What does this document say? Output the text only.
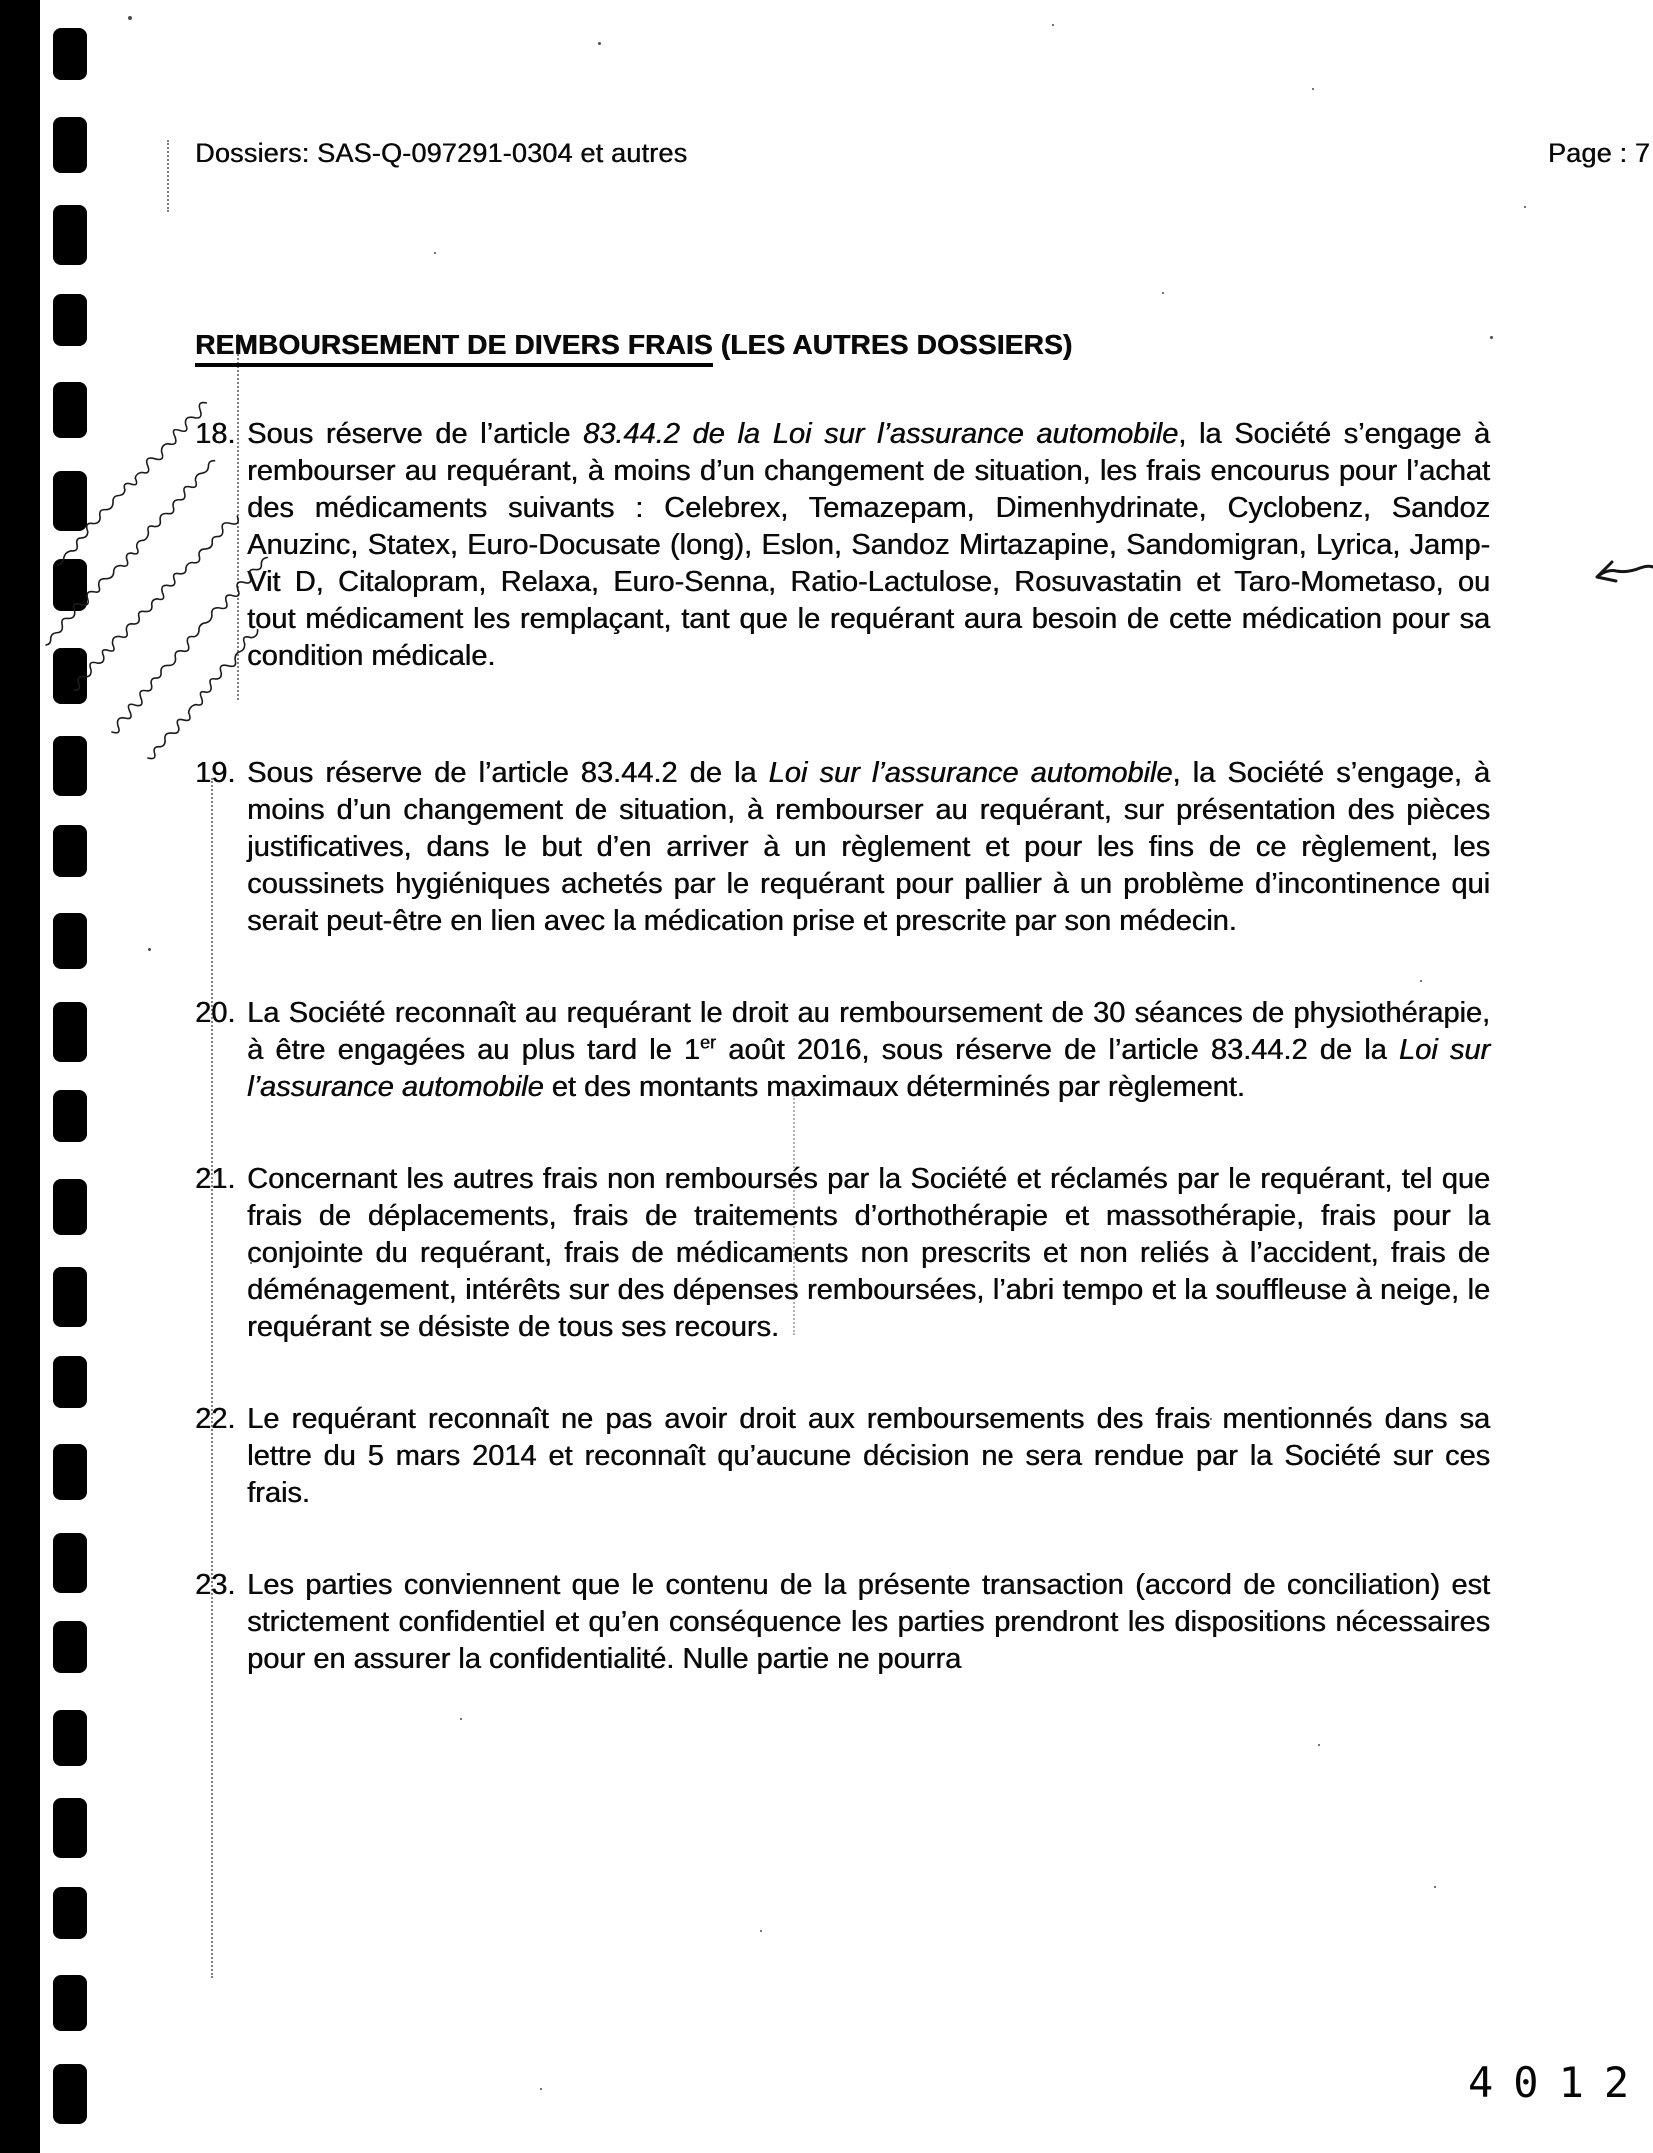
Dossiers: SAS-Q-097291-0304 et autres	Page : 7
REMBOURSEMENT DE DIVERS FRAIS (LES AUTRES DOSSIERS)
18. Sous réserve de l’article 83.44.2 de la Loi sur l’assurance automobile, la Société s’engage à rembourser au requérant, à moins d’un changement de situation, les frais encourus pour l’achat des médicaments suivants : Celebrex, Temazepam, Dimenhydrinate, Cyclobenz, Sandoz Anuzinc, Statex, Euro-Docusate (long), Eslon, Sandoz Mirtazapine, Sandomigran, Lyrica, Jamp-Vit D, Citalopram, Relaxa, Euro-Senna, Ratio-Lactulose, Rosuvastatin et Taro-Mometaso, ou tout médicament les remplaçant, tant que le requérant aura besoin de cette médication pour sa condition médicale.
19. Sous réserve de l’article 83.44.2 de la Loi sur l’assurance automobile, la Société s’engage, à moins d’un changement de situation, à rembourser au requérant, sur présentation des pièces justificatives, dans le but d’en arriver à un règlement et pour les fins de ce règlement, les coussinets hygiéniques achetés par le requérant pour pallier à un problème d’incontinence qui serait peut-être en lien avec la médication prise et prescrite par son médecin.
20. La Société reconnaît au requérant le droit au remboursement de 30 séances de physiothérapie, à être engagées au plus tard le 1er août 2016, sous réserve de l’article 83.44.2 de la Loi sur l’assurance automobile et des montants maximaux déterminés par règlement.
21. Concernant les autres frais non remboursés par la Société et réclamés par le requérant, tel que frais de déplacements, frais de traitements d’orthothérapie et massothérapie, frais pour la conjointe du requérant, frais de médicaments non prescrits et non reliés à l’accident, frais de déménagement, intérêts sur des dépenses remboursées, l’abri tempo et la souffleuse à neige, le requérant se désiste de tous ses recours.
22. Le requérant reconnaît ne pas avoir droit aux remboursements des frais mentionnés dans sa lettre du 5 mars 2014 et reconnaît qu’aucune décision ne sera rendue par la Société sur ces frais.
23. Les parties conviennent que le contenu de la présente transaction (accord de conciliation) est strictement confidentiel et qu’en conséquence les parties prendront les dispositions nécessaires pour en assurer la confidentialité. Nulle partie ne pourra
4012
